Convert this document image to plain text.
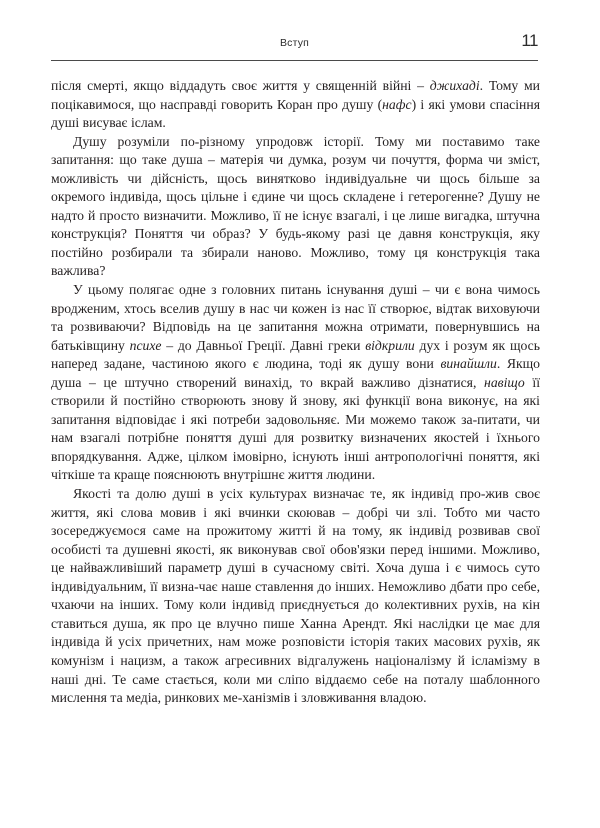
Вступ	11

після смерті, якщо віддадуть своє життя у священній війні – джихаді. Тому ми поцікавимося, що насправді говорить Коран про душу (нафс) і які умови спасіння душі висуває іслам.

Душу розуміли по-різному упродовж історії. Тому ми поставимо таке запитання: що таке душа – матерія чи думка, розум чи почуття, форма чи зміст, можливість чи дійсність, щось винятково індивідуальне чи щось більше за окремого індивіда, щось цільне і єдине чи щось складене і гетерогенне? Душу не надто й просто визначити. Можливо, її не існує взагалі, і це лише вигадка, штучна конструкція? Поняття чи образ? У будь-якому разі це давня конструкція, яку постійно розбирали та збирали наново. Можливо, тому ця конструкція така важлива?

У цьому полягає одне з головних питань існування душі – чи є вона чимось вродженим, хтось вселив душу в нас чи кожен із нас її створює, відтак виховуючи та розвиваючи? Відповідь на це запитання можна отримати, повернувшись на батьківщину психе – до Давньої Греції. Давні греки відкрили дух і розум як щось наперед задане, частиною якого є людина, тоді як душу вони винайшли. Якщо душа – це штучно створений винахід, то вкрай важливо дізнатися, навіщо її створили й постійно створюють знову й знову, які функції вона виконує, на які запитання відповідає і які потреби задовольняє. Ми можемо також за‑питати, чи нам взагалі потрібне поняття душі для розвитку визначених якостей і їхнього впорядкування. Адже, цілком імовірно, існують інші антропологічні поняття, які чіткіше та краще пояснюють внутрішнє життя людини.

Якості та долю душі в усіх культурах визначає те, як індивід про‑жив своє життя, які слова мовив і які вчинки скоював – добрі чи злі. Тобто ми часто зосереджуємося саме на прожитому житті й на тому, як індивід розвивав свої особисті та душевні якості, як виконував свої обов'язки перед іншими. Можливо, це найважливіший параметр душі в сучасному світі. Хоча душа і є чимось суто індивідуальним, її визна‑чає наше ставлення до інших. Неможливо дбати про себе, чхаючи на інших. Тому коли індивід приєднується до колективних рухів, на кін ставиться душа, як про це влучно пише Ханна Арендт. Які наслідки це має для індивіда й усіх причетних, нам може розповісти історія таких масових рухів, як комунізм і нацизм, а також агресивних відгалужень націоналізму й ісламізму в наші дні. Те саме стається, коли ми сліпо віддаємо себе на поталу шаблонного мислення та медіа, ринкових ме‑ханізмів і зловживання владою.
